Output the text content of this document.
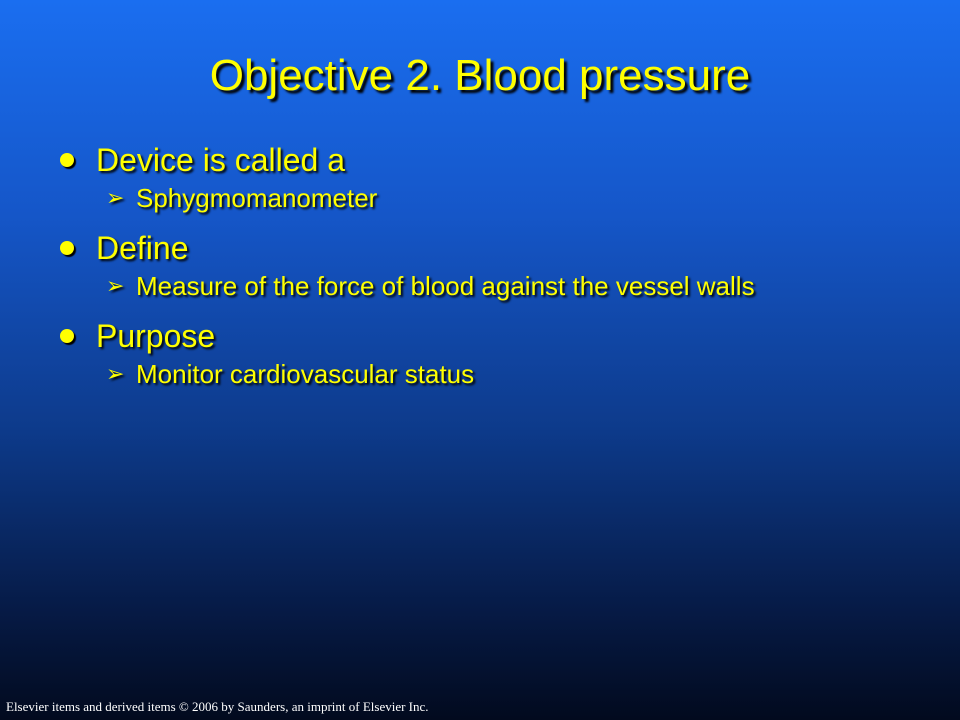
Objective 2. Blood pressure
Device is called a
➢ Sphygmomanometer
Define
➢ Measure of the force of blood against the vessel walls
Purpose
➢ Monitor cardiovascular status
Elsevier items and derived items © 2006 by Saunders, an imprint of Elsevier Inc.
